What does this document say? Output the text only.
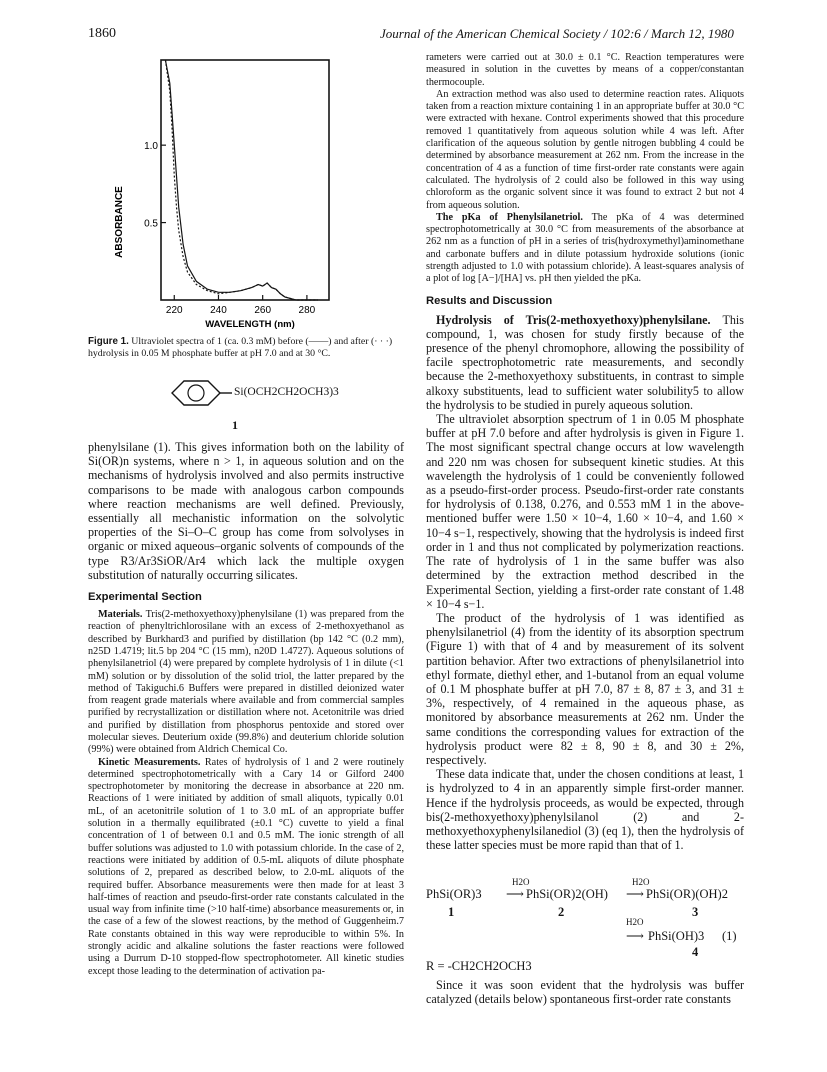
1860	Journal of the American Chemical Society / 102:6 / March 12, 1980
ABSORBANCE
WAVELENGTH (nm)
1.0
0.5
220	240	260	280
Figure 1. Ultraviolet spectra of 1 (ca. 0.3 mM) before (——) and after (· · ·) hydrolysis in 0.05 M phosphate buffer at pH 7.0 and at 30 °C.
Si(OCH2CH2OCH3)3
1

phenylsilane (1). This gives information both on the lability of Si(OR)n systems, where n > 1, in aqueous solution and on the mechanisms of hydrolysis involved and also permits instructive comparisons to be made with analogous carbon compounds where reaction mechanisms are well defined. Previously, essentially all mechanistic information on the solvolytic properties of the Si–O–C group has come from solvolyses in organic or mixed aqueous–organic solvents of compounds of the type R3/Ar3SiOR/Ar4 which lack the multiple oxygen substitution of naturally occurring silicates.

Experimental Section

Materials. Tris(2-methoxyethoxy)phenylsilane (1) was prepared from the reaction of phenyltrichlorosilane with an excess of 2-methoxyethanol as described by Burkhard3 and purified by distillation (bp 142 °C (0.2 mm), n25D 1.4719; lit.5 bp 204 °C (15 mm), n20D 1.4727). Aqueous solutions of phenylsilanetriol (4) were prepared by complete hydrolysis of 1 in dilute (<1 mM) solution or by dissolution of the solid triol, the latter prepared by the method of Takiguchi.6 Buffers were prepared in distilled deionized water from reagent grade materials where available and from commercial samples purified by recrystallization or distillation where not. Acetonitrile was dried and purified by distillation from phosphorus pentoxide and stored over molecular sieves. Deuterium oxide (99.8%) and deuterium chloride solution (99%) were obtained from Aldrich Chemical Co.

Kinetic Measurements. Rates of hydrolysis of 1 and 2 were routinely determined spectrophotometrically with a Cary 14 or Gilford 2400 spectrophotometer by monitoring the decrease in absorbance at 220 nm. Reactions of 1 were initiated by addition of small aliquots, typically 0.01 mL, of an acetonitrile solution of 1 to 3.0 mL of an appropriate buffer solution in a thermally equilibrated (±0.1 °C) cuvette to yield a final concentration of 1 of between 0.1 and 0.5 mM. The ionic strength of all buffer solutions was adjusted to 1.0 with potassium chloride. In the case of 2, reactions were initiated by addition of 0.5-mL aliquots of dilute phosphate solutions of 2, prepared as described below, to 2.0-mL aliquots of the required buffer. Absorbance measurements were then made for at least 3 half-times of reaction and pseudo-first-order rate constants calculated in the usual way from infinite time (>10 half-time) absorbance measurements or, in the case of a few of the slowest reactions, by the method of Guggenheim.7 Rate constants obtained in this way were reproducible to within 5%. In strongly acidic and alkaline solutions the faster reactions were followed using a Durrum D-10 stopped-flow spectrophotometer. All kinetic studies except those leading to the determination of activation pa-

rameters were carried out at 30.0 ± 0.1 °C. Reaction temperatures were measured in solution in the cuvettes by means of a copper/constantan thermocouple.

An extraction method was also used to determine reaction rates. Aliquots taken from a reaction mixture containing 1 in an appropriate buffer at 30.0 °C were extracted with hexane. Control experiments showed that this procedure removed 1 quantitatively from aqueous solution while 4 was left. After clarification of the aqueous solution by gentle nitrogen bubbling 4 could be determined by absorbance measurement at 262 nm. From the increase in the concentration of 4 as a function of time first-order rate constants were again calculated. The hydrolysis of 2 could also be followed in this way using chloroform as the organic solvent since it was found to extract 2 but not 4 from aqueous solution.

The pKa of Phenylsilanetriol. The pKa of 4 was determined spectrophotometrically at 30.0 °C from measurements of the absorbance at 262 nm as a function of pH in a series of tris(hydroxymethyl)aminomethane and carbonate buffers and in dilute potassium hydroxide solutions (ionic strength adjusted to 1.0 with potassium chloride). A least-squares analysis of a plot of log [A−]/[HA] vs. pH then yielded the pKa.

Results and Discussion

Hydrolysis of Tris(2-methoxyethoxy)phenylsilane. This compound, 1, was chosen for study firstly because of the presence of the phenyl chromophore, allowing the possibility of facile spectrophotometric rate measurements, and secondly because the 2-methoxyethoxy substituents, in contrast to simple alkoxy substituents, lead to sufficient water solubility5 to allow the hydrolysis to be studied in purely aqueous solution.

The ultraviolet absorption spectrum of 1 in 0.05 M phosphate buffer at pH 7.0 before and after hydrolysis is given in Figure 1. The most significant spectral change occurs at low wavelength and 220 nm was chosen for subsequent kinetic studies. At this wavelength the hydrolysis of 1 could be conveniently followed as a pseudo-first-order process. Pseudo-first-order rate constants for hydrolysis of 0.138, 0.276, and 0.553 mM 1 in the above-mentioned buffer were 1.50 × 10−4, 1.60 × 10−4, and 1.60 × 10−4 s−1, respectively, showing that the hydrolysis is indeed first order in 1 and thus not complicated by polymerization reactions. The rate of hydrolysis of 1 in the same buffer was also determined by the extraction method described in the Experimental Section, yielding a first-order rate constant of 1.48 × 10−4 s−1.

The product of the hydrolysis of 1 was identified as phenylsilanetriol (4) from the identity of its absorption spectrum (Figure 1) with that of 4 and by measurement of its solvent partition behavior. After two extractions of phenylsilanetriol into ethyl formate, diethyl ether, and 1-butanol from an equal volume of 0.1 M phosphate buffer at pH 7.0, 87 ± 8, 87 ± 3, and 31 ± 3%, respectively, of 4 remained in the aqueous phase, as monitored by absorbance measurements at 262 nm. Under the same conditions the corresponding values for extraction of the hydrolysis product were 82 ± 8, 90 ± 8, and 30 ± 2%, respectively.

These data indicate that, under the chosen conditions at least, 1 is hydrolyzed to 4 in an apparently simple first-order manner. Hence if the hydrolysis proceeds, as would be expected, through bis(2-methoxyethoxy)phenylsilanol (2) and 2-methoxyethoxyphenylsilanediol (3) (eq 1), then the hydrolysis of these latter species must be more rapid than that of 1.

H2O	H2O
PhSi(OR)3 ⟶ PhSi(OR)2(OH) ⟶ PhSi(OR)(OH)2
1	2	3
H2O
⟶ PhSi(OH)3 (1)
4
R = -CH2CH2OCH3

Since it was soon evident that the hydrolysis was buffer catalyzed (details below) spontaneous first-order rate constants
